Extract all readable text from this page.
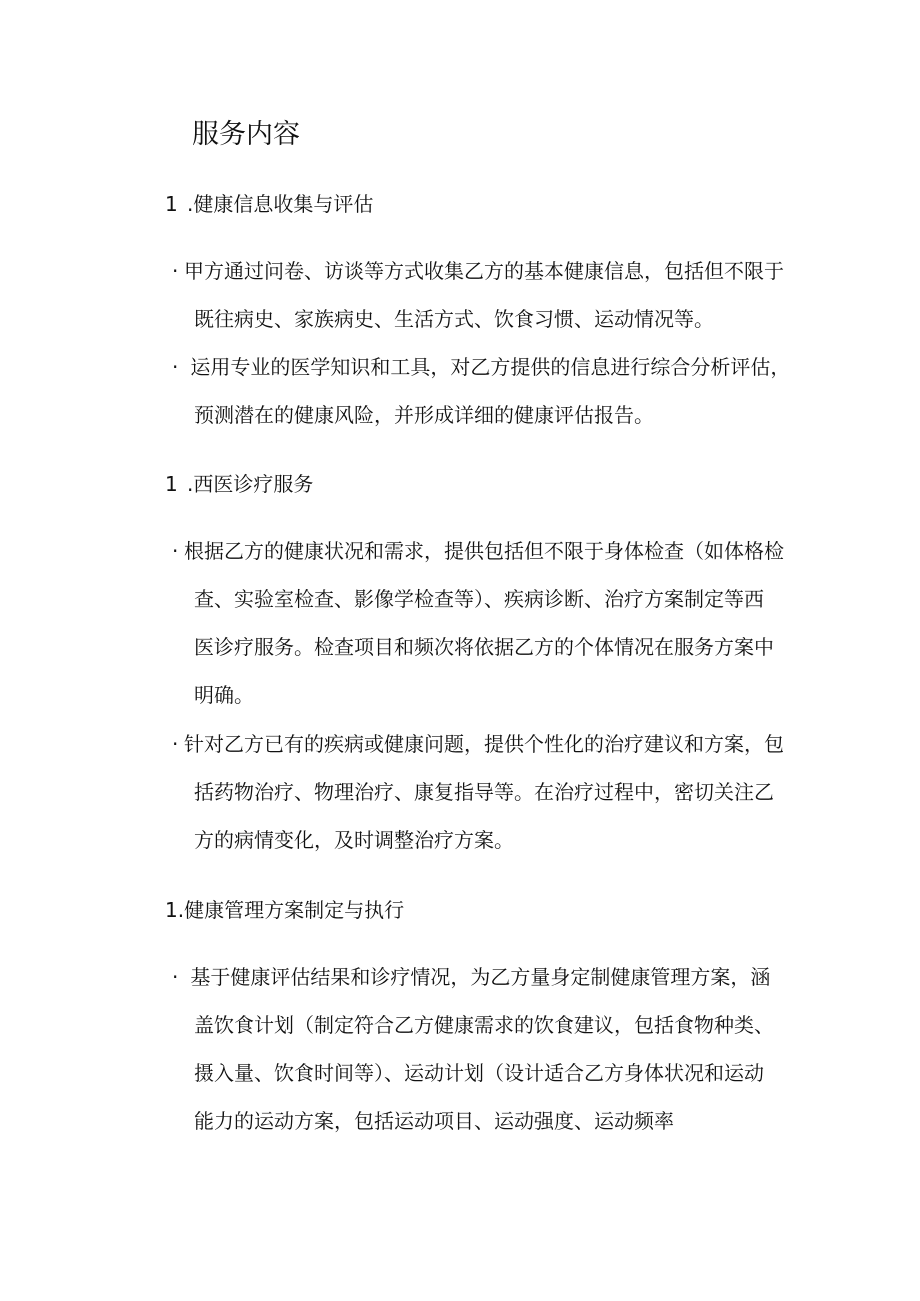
服务内容
1 .健康信息收集与评估
· 甲方通过问卷、访谈等方式收集乙方的基本健康信息，包括但不限于
既往病史、家族病史、生活方式、饮食习惯、运动情况等。
· 运用专业的医学知识和工具，对乙方提供的信息进行综合分析评估，
预测潜在的健康风险，并形成详细的健康评估报告。
1 .西医诊疗服务
· 根据乙方的健康状况和需求，提供包括但不限于身体检查（如体格检
查、实验室检查、影像学检查等）、疾病诊断、治疗方案制定等西
医诊疗服务。检查项目和频次将依据乙方的个体情况在服务方案中
明确。
· 针对乙方已有的疾病或健康问题，提供个性化的治疗建议和方案，包
括药物治疗、物理治疗、康复指导等。在治疗过程中，密切关注乙
方的病情变化，及时调整治疗方案。
1.健康管理方案制定与执行
· 基于健康评估结果和诊疗情况，为乙方量身定制健康管理方案，涵
盖饮食计划（制定符合乙方健康需求的饮食建议，包括食物种类、
摄入量、饮食时间等）、运动计划（设计适合乙方身体状况和运动
能力的运动方案，包括运动项目、运动强度、运动频率
